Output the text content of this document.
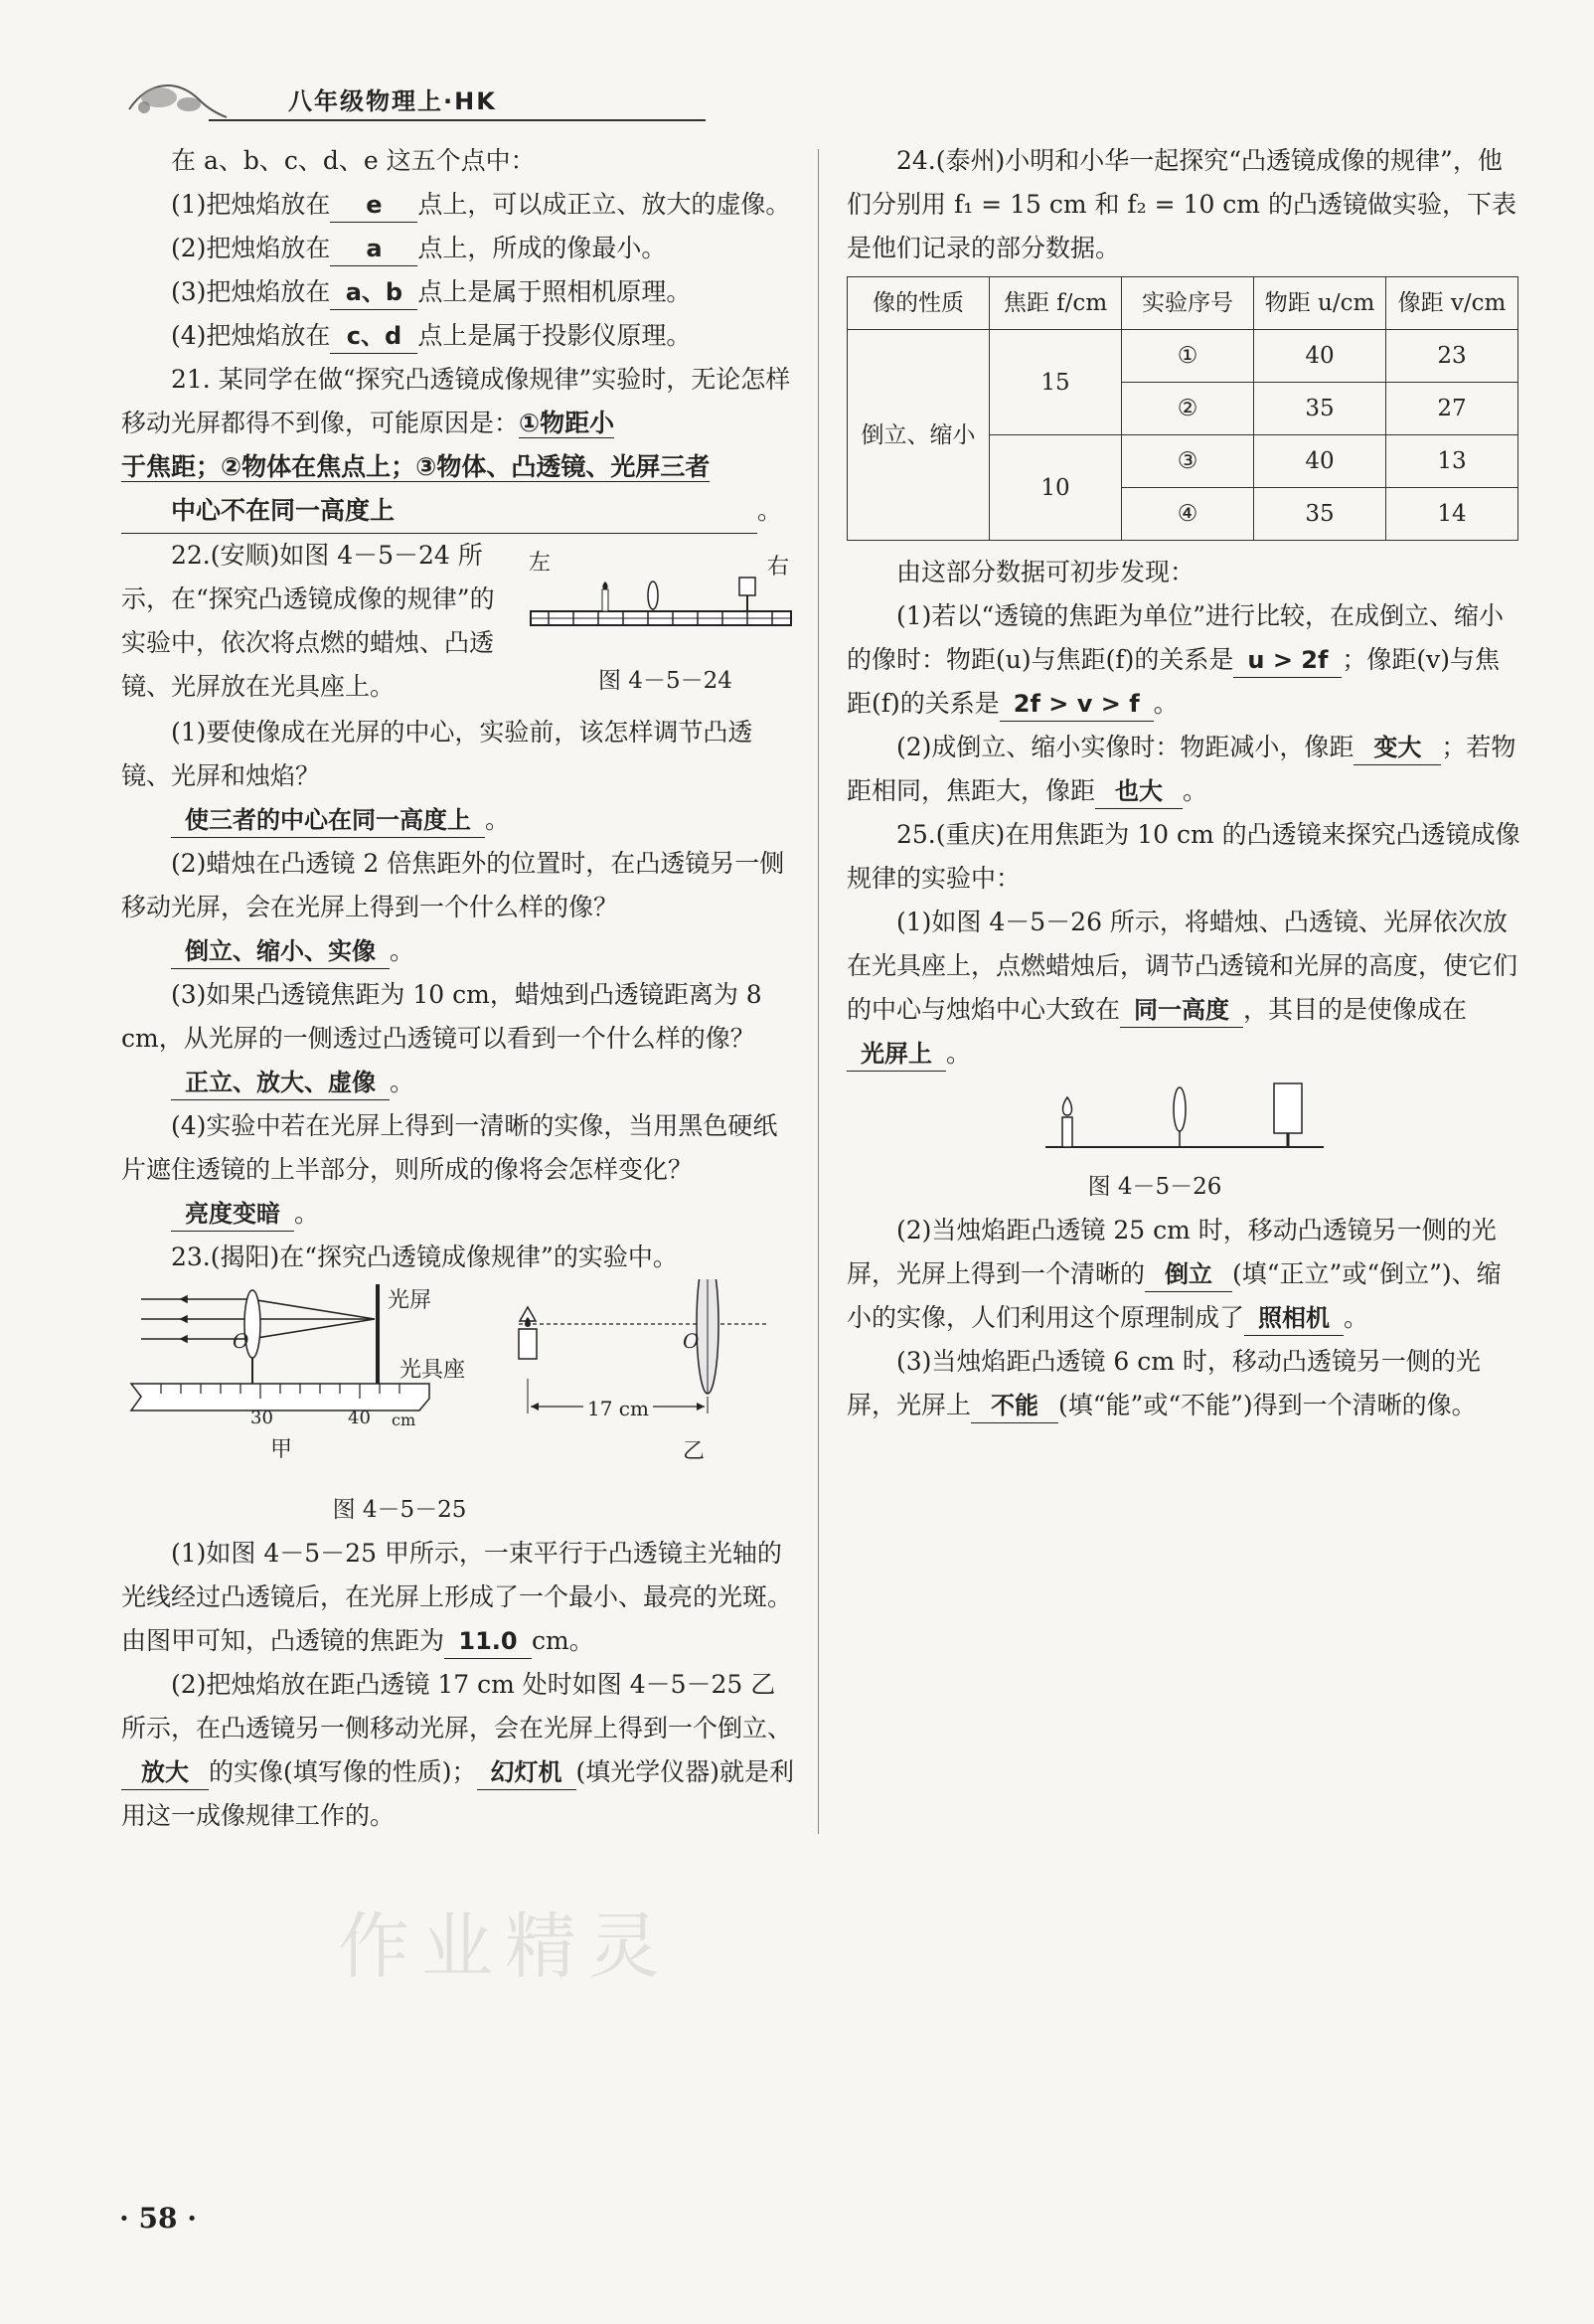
八年级物理上·HK

在 a、b、c、d、e 这五个点中：

(1)把烛焰放在 e 点上，可以成正立、放大的虚像。

(2)把烛焰放在 a 点上，所成的像最小。

(3)把烛焰放在 a、b 点上是属于照相机原理。

(4)把烛焰放在 c、d 点上是属于投影仪原理。

21. 某同学在做“探究凸透镜成像规律”实验时，无论怎样移动光屏都得不到像，可能原因是：①物距小
于焦距；②物体在焦点上；③物体、凸透镜、光屏三者
中心不在同一高度上	。

22.(安顺)如图 4－5－24 所示，在“探究凸透镜成像的规律”的实验中，依次将点燃的蜡烛、凸透镜、光屏放在光具座上。

左	右
图 4－5－24

(1)要使像成在光屏的中心，实验前，该怎样调节凸透镜、光屏和烛焰？

使三者的中心在同一高度上 。

(2)蜡烛在凸透镜 2 倍焦距外的位置时，在凸透镜另一侧移动光屏，会在光屏上得到一个什么样的像？

倒立、缩小、实像 。

(3)如果凸透镜焦距为 10 cm，蜡烛到凸透镜距离为 8 cm，从光屏的一侧透过凸透镜可以看到一个什么样的像？

正立、放大、虚像 。

(4)实验中若在光屏上得到一清晰的实像，当用黑色硬纸片遮住透镜的上半部分，则所成的像将会怎样变化？

亮度变暗 。

23.(揭阳)在“探究凸透镜成像规律”的实验中。

光屏
光具座
O
30	40 cm
甲
O
17 cm
乙

图 4－5－25

(1)如图 4－5－25 甲所示，一束平行于凸透镜主光轴的光线经过凸透镜后，在光屏上形成了一个最小、最亮的光斑。由图甲可知，凸透镜的焦距为 11.0 cm。

(2)把烛焰放在距凸透镜 17 cm 处时如图 4－5－25 乙所示，在凸透镜另一侧移动光屏，会在光屏上得到一个倒立、放大 的实像(填写像的性质)； 幻灯机 (填光学仪器)就是利用这一成像规律工作的。

24.(泰州)小明和小华一起探究“凸透镜成像的规律”，他们分别用 f₁ = 15 cm 和 f₂ = 10 cm 的凸透镜做实验，下表是他们记录的部分数据。

像的性质	焦距 f/cm	实验序号	物距 u/cm	像距 v/cm
倒立、缩小	15	①	40	23
		②	35	27
	10	③	40	13
		④	35	14

由这部分数据可初步发现：

(1)若以“透镜的焦距为单位”进行比较，在成倒立、缩小的像时：物距(u)与焦距(f)的关系是 u > 2f ；像距(v)与焦距(f)的关系是 2f > v > f 。

(2)成倒立、缩小实像时：物距减小，像距 变大 ；若物距相同，焦距大，像距 也大 。

25.(重庆)在用焦距为 10 cm 的凸透镜来探究凸透镜成像规律的实验中：

(1)如图 4－5－26 所示，将蜡烛、凸透镜、光屏依次放在光具座上，点燃蜡烛后，调节凸透镜和光屏的高度，使它们的中心与烛焰中心大致在 同一高度 ，其目的是使像成在光屏上 。

图 4－5－26

(2)当烛焰距凸透镜 25 cm 时，移动凸透镜另一侧的光屏，光屏上得到一个清晰的 倒立 (填“正立”或“倒立”)、缩小的实像，人们利用这个原理制成了 照相机 。

(3)当烛焰距凸透镜 6 cm 时，移动凸透镜另一侧的光屏，光屏上 不能 (填“能”或“不能”)得到一个清晰的像。

作业精灵
· 58 ·
